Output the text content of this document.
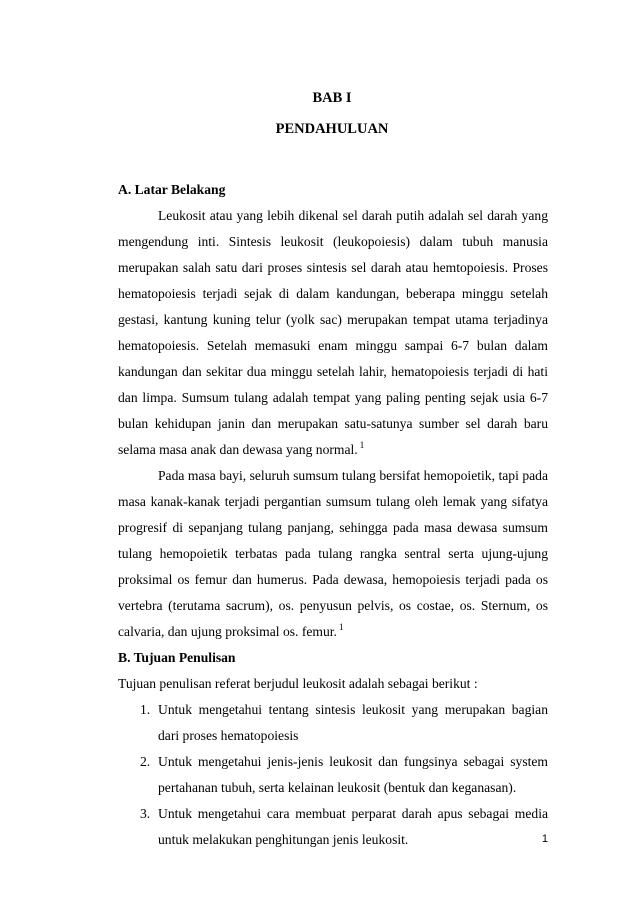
BAB I
PENDAHULUAN

A. Latar Belakang

Leukosit atau yang lebih dikenal sel darah putih adalah sel darah yang mengendung inti. Sintesis leukosit (leukopoiesis) dalam tubuh manusia merupakan salah satu dari proses sintesis sel darah atau hemtopoiesis. Proses hematopoiesis terjadi sejak di dalam kandungan, beberapa minggu setelah gestasi, kantung kuning telur (yolk sac) merupakan tempat utama terjadinya hematopoiesis. Setelah memasuki enam minggu sampai 6-7 bulan dalam kandungan dan sekitar dua minggu setelah lahir, hematopoiesis terjadi di hati dan limpa. Sumsum tulang adalah tempat yang paling penting sejak usia 6-7 bulan kehidupan janin dan merupakan satu-satunya sumber sel darah baru selama masa anak dan dewasa yang normal. $^1$

Pada masa bayi, seluruh sumsum tulang bersifat hemopoietik, tapi pada masa kanak-kanak terjadi pergantian sumsum tulang oleh lemak yang sifatya progresif di sepanjang tulang panjang, sehingga pada masa dewasa sumsum tulang hemopoietik terbatas pada tulang rangka sentral serta ujung-ujung proksimal os femur dan humerus. Pada dewasa, hemopoiesis terjadi pada os vertebra (terutama sacrum), os. penyusun pelvis, os costae, os. Sternum, os calvaria, dan ujung proksimal os. femur. $^1$

B. Tujuan Penulisan

Tujuan penulisan referat berjudul leukosit adalah sebagai berikut :

1. Untuk mengetahui tentang sintesis leukosit yang merupakan bagian dari proses hematopoiesis
2. Untuk mengetahui jenis-jenis leukosit dan fungsinya sebagai system pertahanan tubuh, serta kelainan leukosit (bentuk dan keganasan).
3. Untuk mengetahui cara membuat perparat darah apus sebagai media untuk melakukan penghitungan jenis leukosit.	1
